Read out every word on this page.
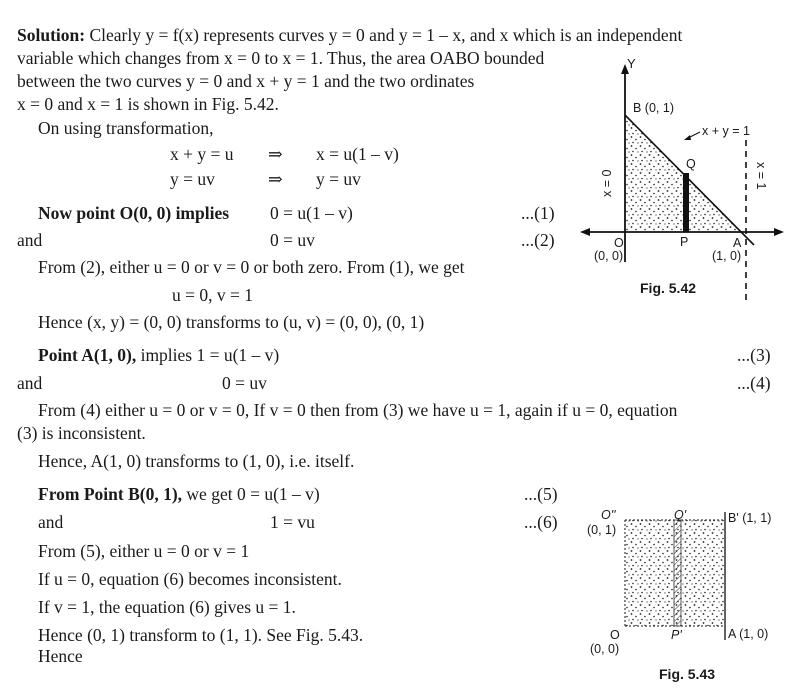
Solution: Clearly y = f(x) represents curves y = 0 and y = 1 – x, and x which is an independent
variable which changes from x = 0 to x = 1. Thus, the area OABO bounded
between the two curves y = 0 and x + y = 1 and the two ordinates
x = 0 and x = 1 is shown in Fig. 5.42.
On using transformation,
x + y = u ⇒ x = u(1 – v)
y = uv	⇒ y = uv
Now point O(0, 0) implies 0 = u(1 – v)	...(1)
and	0 = uv	...(2)
From (2), either u = 0 or v = 0 or both zero. From (1), we get
u = 0, v = 1
Hence (x, y) = (0, 0) transforms to (u, v) = (0, 0), (0, 1)
Point A(1, 0), implies 1 = u(1 – v)	...(3)
and	0 = uv	...(4)
From (4) either u = 0 or v = 0, If v = 0 then from (3) we have u = 1, again if u = 0, equation
(3) is inconsistent.
Hence, A(1, 0) transforms to (1, 0), i.e. itself.
From Point B(0, 1), we get 0 = u(1 – v)	...(5)
and	1 = vu	...(6)
From (5), either u = 0 or v = 1
If u = 0, equation (6) becomes inconsistent.
If v = 1, the equation (6) gives u = 1.
Hence (0, 1) transform to (1, 1). See Fig. 5.43.
Hence
Y
B (0, 1)
x + y = 1
Q
x = 0	x = 1
O
(0, 0)
P	A
(1, 0)
Fig. 5.42
O''
(0, 1)
Q'	B' (1, 1)
O
(0, 0)
P'	A (1, 0)
Fig. 5.43
